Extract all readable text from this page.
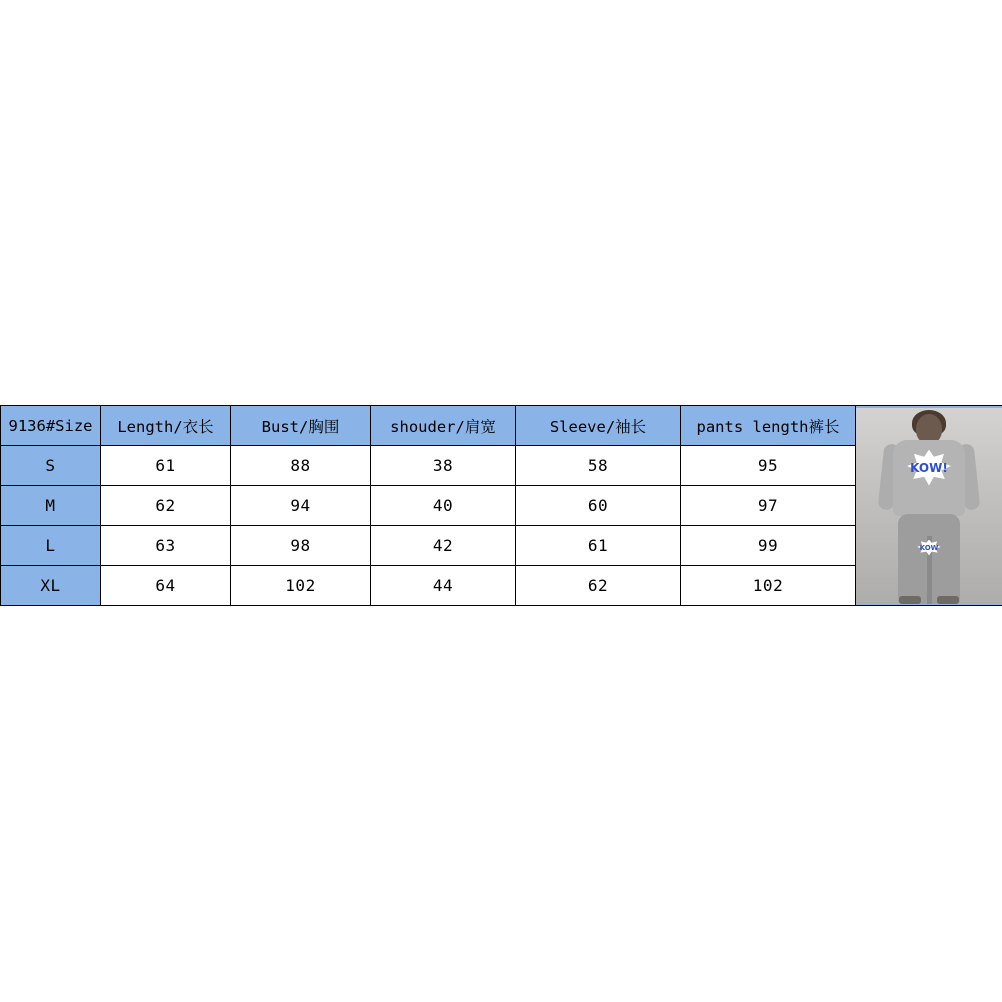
9136#Size	Length/衣长	Bust/胸围	shouder/肩宽	Sleeve/袖长	pants length裤长	KOW!
KOW

S	61	88	38	58	95	
M	62	94	40	60	97	
L	63	98	42	61	99	
XL	64	102	44	62	102	
